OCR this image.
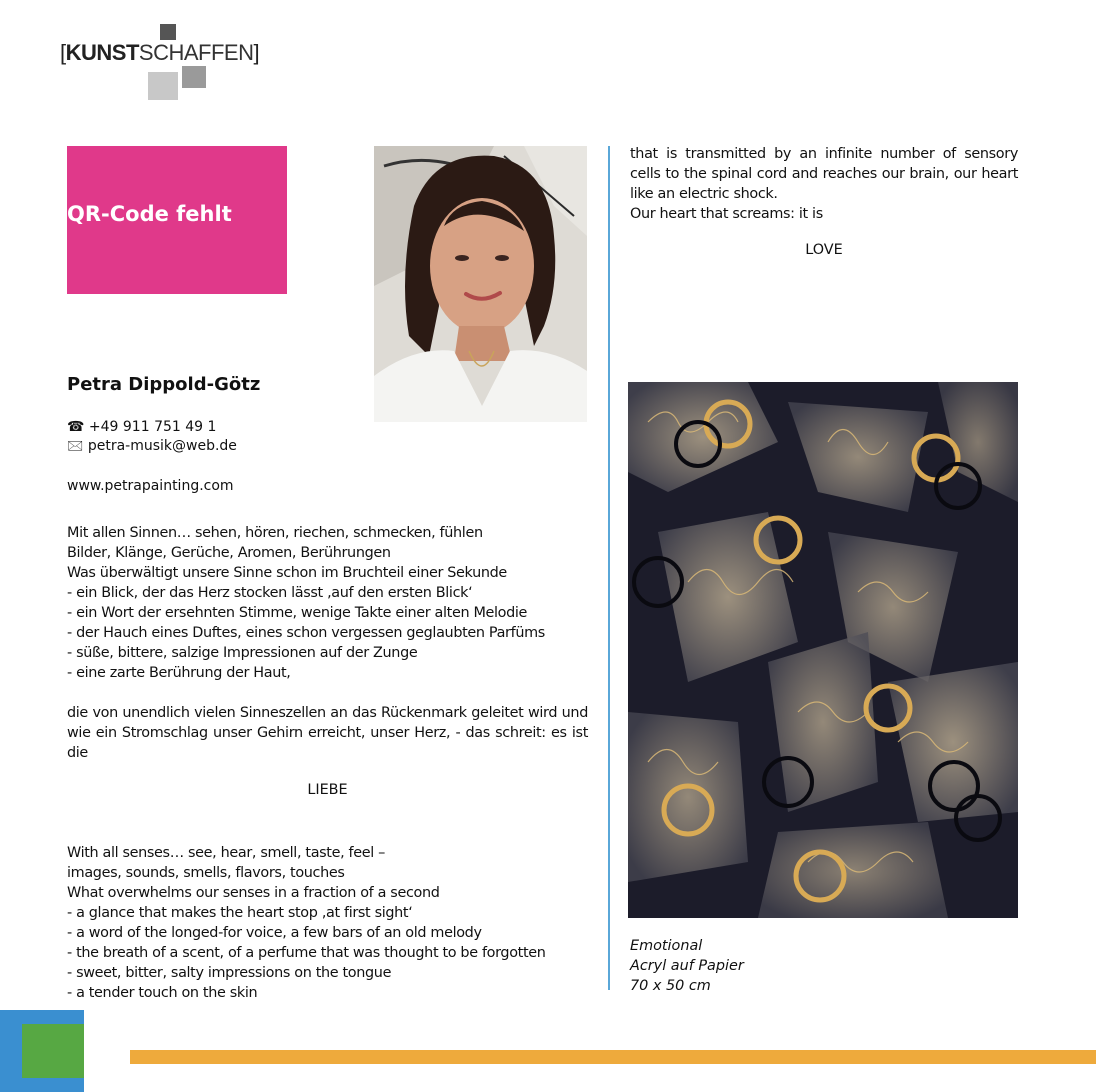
[KUNSTSCHAFFEN]
QR-Code fehlt
Petra Dippold-Götz
☎ +49 911 751 49 1
🖂 petra-musik@web.de
www.petrapainting.com
Mit allen Sinnen… sehen, hören, riechen, schmecken, fühlen
Bilder, Klänge, Gerüche, Aromen, Berührungen
Was überwältigt unsere Sinne schon im Bruchteil einer Sekunde
- ein Blick, der das Herz stocken lässt ‚auf den ersten Blick‘
- ein Wort der ersehnten Stimme, wenige Takte einer alten Melodie
- der Hauch eines Duftes, eines schon vergessen geglaubten Parfüms
- süße, bittere, salzige Impressionen auf der Zunge
- eine zarte Berührung der Haut,
die von unendlich vielen Sinneszellen an das Rückenmark geleitet wird und wie ein Stromschlag unser Gehirn erreicht, unser Herz, - das schreit: es ist die
LIEBE
With all senses… see, hear, smell, taste, feel –
images, sounds, smells, flavors, touches
What overwhelms our senses in a fraction of a second
- a glance that makes the heart stop ‚at first sight‘
- a word of the longed-for voice, a few bars of an old melody
- the breath of a scent, of a perfume that was thought to be forgotten
- sweet, bitter, salty impressions on the tongue
- a tender touch on the skin
that is transmitted by an infinite number of sensory cells to the spinal cord and reaches our brain, our heart like an electric shock.
Our heart that screams: it is
LOVE
Emotional
Acryl auf Papier
70 x 50 cm
